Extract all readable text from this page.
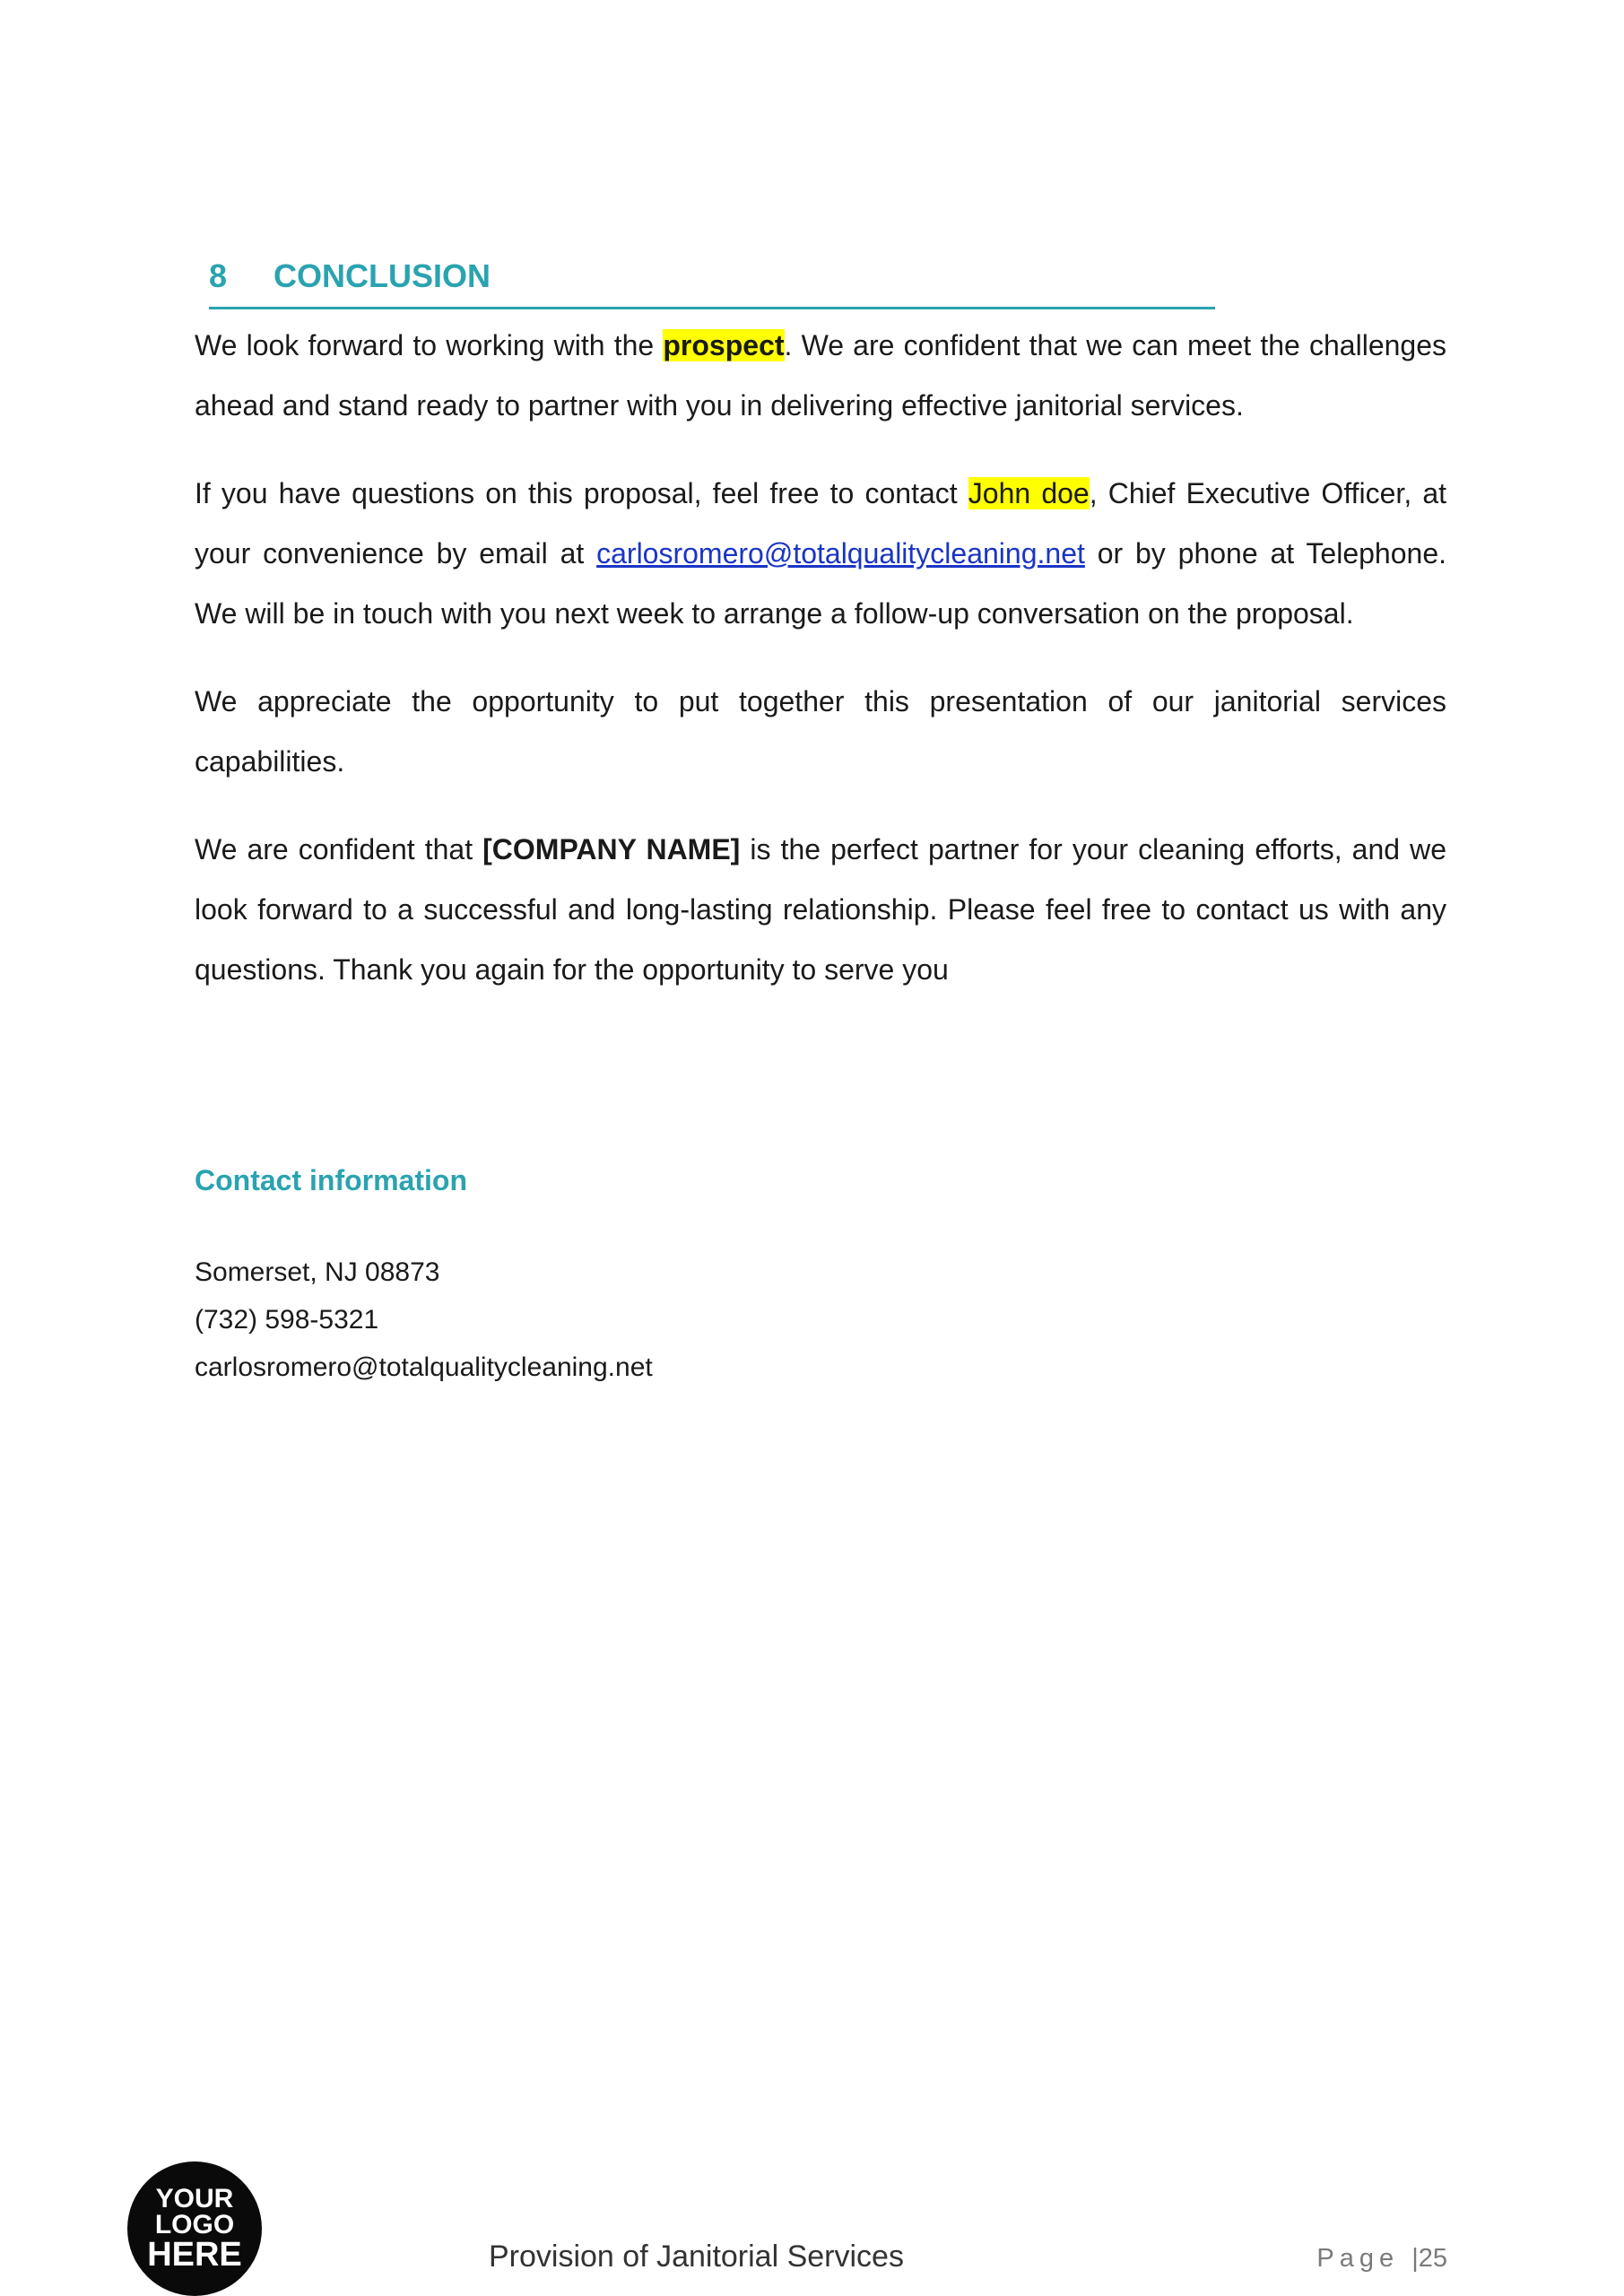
8 CONCLUSION

We look forward to working with the prospect. We are confident that we can meet the challenges ahead and stand ready to partner with you in delivering effective janitorial services.

If you have questions on this proposal, feel free to contact John doe, Chief Executive Officer, at your convenience by email at carlosromero@totalqualitycleaning.net or by phone at Telephone. We will be in touch with you next week to arrange a follow-up conversation on the proposal.

We appreciate the opportunity to put together this presentation of our janitorial services capabilities.

We are confident that [COMPANY NAME] is the perfect partner for your cleaning efforts, and we look forward to a successful and long-lasting relationship. Please feel free to contact us with any questions. Thank you again for the opportunity to serve you

Contact information
Somerset, NJ 08873
(732) 598-5321
carlosromero@totalqualitycleaning.net
YOUR
LOGO
HERE	Provision of Janitorial Services	Page |25
